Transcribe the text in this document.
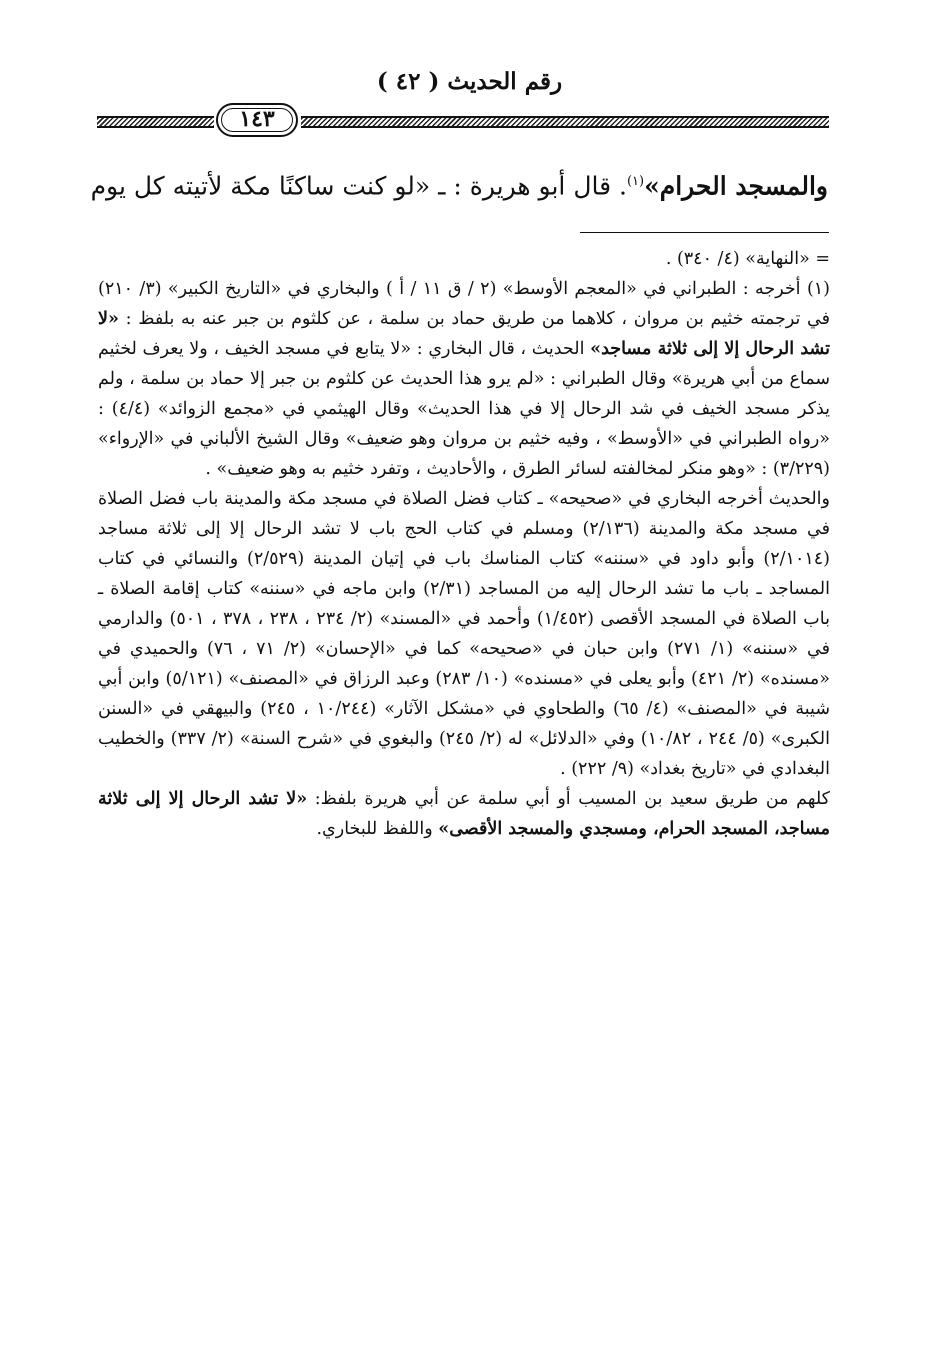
رقم الحديث ( ٤٢ )
١٤٣
والمسجد الحرام»$^{(١)}$. قال أبو هريرة : ـ «لو كنت ساكنًا مكة لأتيته كل يوم

= «النهاية» (٤/ ٣٤٠) .

(١) أخرجه : الطبراني في «المعجم الأوسط» (٢ / ق ١١ / أ ) والبخاري في «التاريخ الكبير» (٣/ ٢١٠) في ترجمته خثيم بن مروان ، كلاهما من طريق حماد بن سلمة ، عن كلثوم بن جبر عنه به بلفظ : «لا تشد الرحال إلا إلى ثلاثة مساجد» الحديث ، قال البخاري : «لا يتابع في مسجد الخيف ، ولا يعرف لخثيم سماع من أبي هريرة» وقال الطبراني : «لم يرو هذا الحديث عن كلثوم بن جبر إلا حماد بن سلمة ، ولم يذكر مسجد الخيف في شد الرحال إلا في هذا الحديث» وقال الهيثمي في «مجمع الزوائد» (٤/٤) : «رواه الطبراني في «الأوسط» ، وفيه خثيم بن مروان وهو ضعيف» وقال الشيخ الألباني في «الإرواء» (٣/٢٢٩) : «وهو منكر لمخالفته لسائر الطرق ، والأحاديث ، وتفرد خثيم به وهو ضعيف» .

والحديث أخرجه البخاري في «صحيحه» ـ كتاب فضل الصلاة في مسجد مكة والمدينة باب فضل الصلاة في مسجد مكة والمدينة (٢/١٣٦) ومسلم في كتاب الحج باب لا تشد الرحال إلا إلى ثلاثة مساجد (٢/١٠١٤) وأبو داود في «سننه» كتاب المناسك باب في إتيان المدينة (٢/٥٢٩) والنسائي في كتاب المساجد ـ باب ما تشد الرحال إليه من المساجد (٢/٣١) وابن ماجه في «سننه» كتاب إقامة الصلاة ـ باب الصلاة في المسجد الأقصى (١/٤٥٢) وأحمد في «المسند» (٢/ ٢٣٤ ، ٢٣٨ ، ٣٧٨ ، ٥٠١) والدارمي في «سننه» (١/ ٢٧١) وابن حبان في «صحيحه» كما في «الإحسان» (٢/ ٧١ ، ٧٦) والحميدي في «مسنده» (٢/ ٤٢١) وأبو يعلى في «مسنده» (١٠/ ٢٨٣) وعبد الرزاق في «المصنف» (٥/١٢١) وابن أبي شيبة في «المصنف» (٤/ ٦٥) والطحاوي في «مشكل الآثار» (١٠/٢٤٤ ، ٢٤٥) والبيهقي في «السنن الكبرى» (٥/ ٢٤٤ ، ١٠/٨٢) وفي «الدلائل» له (٢/ ٢٤٥) والبغوي في «شرح السنة» (٢/ ٣٣٧) والخطيب البغدادي في «تاريخ بغداد» (٩/ ٢٢٢) .

كلهم من طريق سعيد بن المسيب أو أبي سلمة عن أبي هريرة بلفظ: «لا تشد الرحال إلا إلى ثلاثة مساجد، المسجد الحرام، ومسجدي والمسجد الأقصى» واللفظ للبخاري.
